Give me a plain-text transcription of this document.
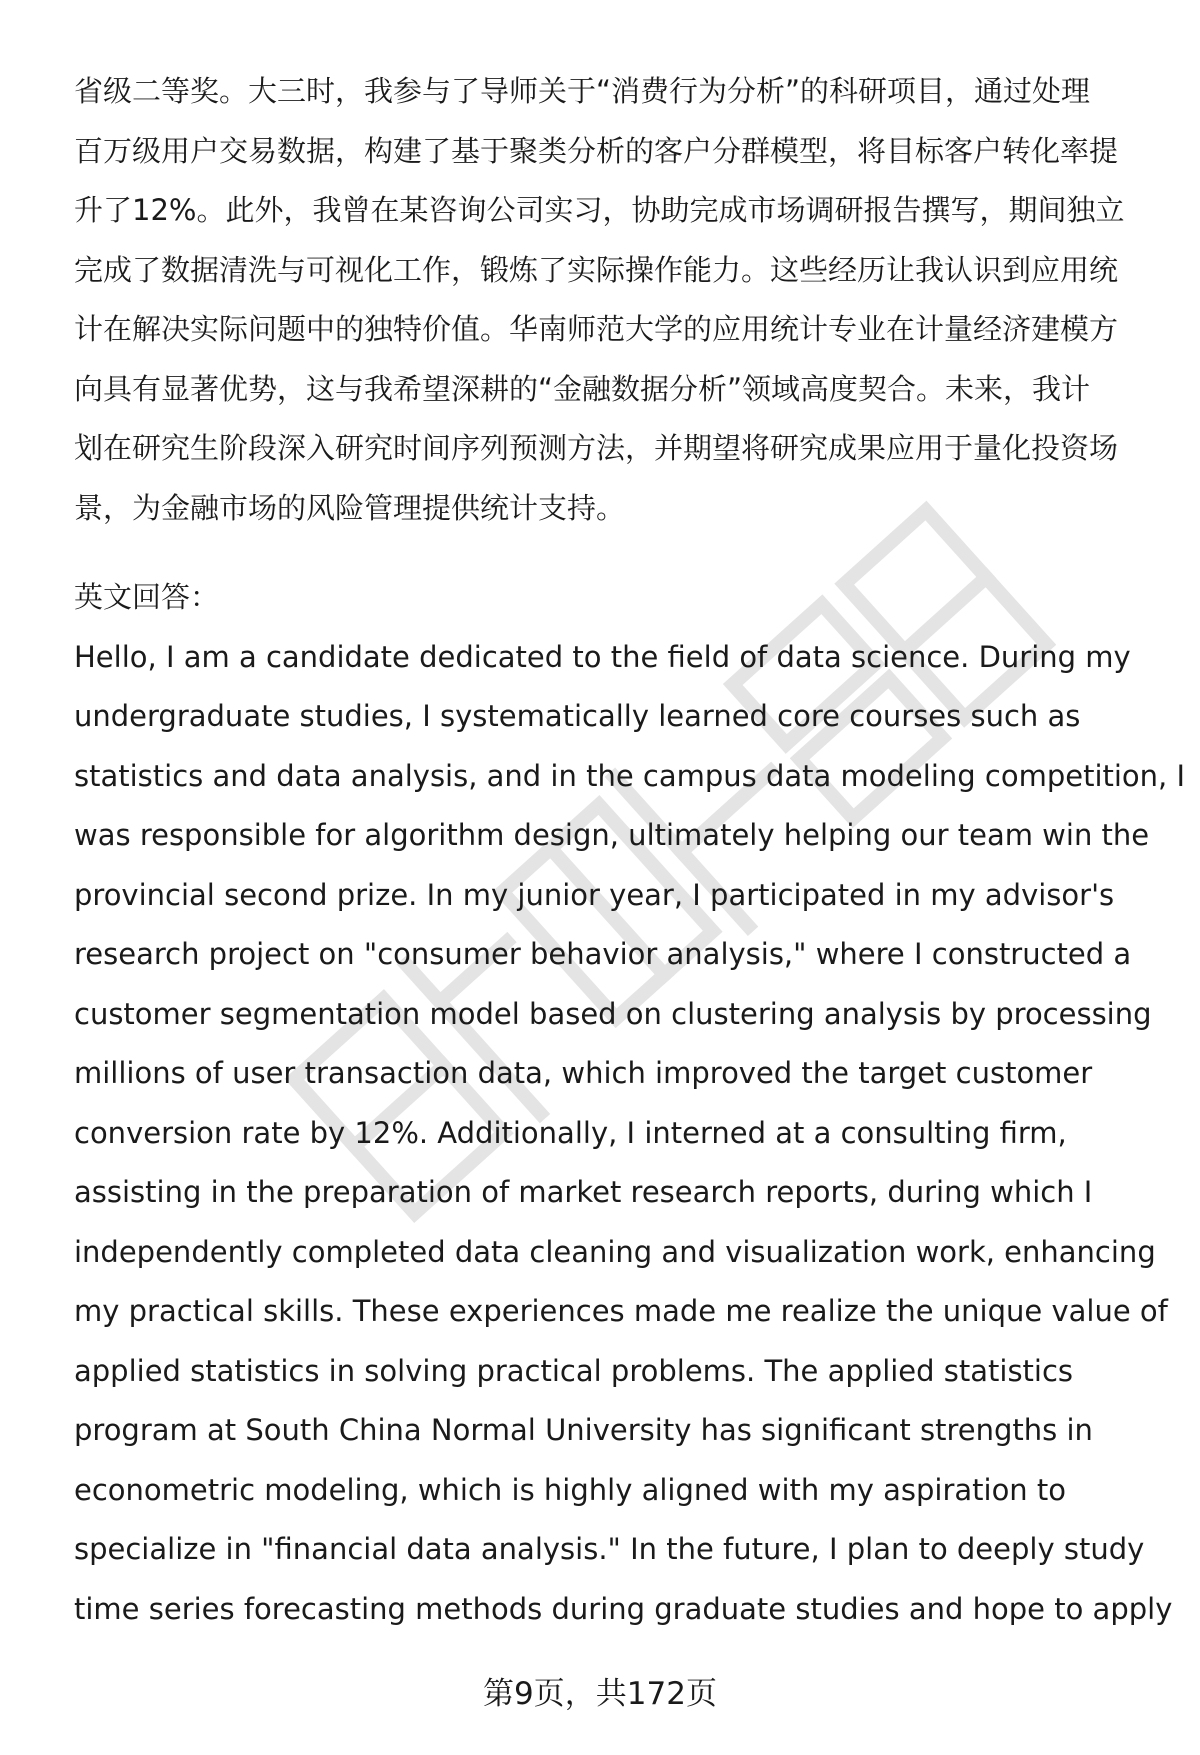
省级二等奖。大三时，我参与了导师关于“消费行为分析”的科研项目，通过处理
百万级用户交易数据，构建了基于聚类分析的客户分群模型，将目标客户转化率提
升了12%。此外，我曾在某咨询公司实习，协助完成市场调研报告撰写，期间独立
完成了数据清洗与可视化工作，锻炼了实际操作能力。这些经历让我认识到应用统
计在解决实际问题中的独特价值。华南师范大学的应用统计专业在计量经济建模方
向具有显著优势，这与我希望深耕的“金融数据分析”领域高度契合。未来，我计
划在研究生阶段深入研究时间序列预测方法，并期望将研究成果应用于量化投资场
景，为金融市场的风险管理提供统计支持。
英文回答：
Hello, I am a candidate dedicated to the field of data science. During my
undergraduate studies, I systematically learned core courses such as
statistics and data analysis, and in the campus data modeling competition, I
was responsible for algorithm design, ultimately helping our team win the
provincial second prize. In my junior year, I participated in my advisor's
research project on "consumer behavior analysis," where I constructed a
customer segmentation model based on clustering analysis by processing
millions of user transaction data, which improved the target customer
conversion rate by 12%. Additionally, I interned at a consulting firm,
assisting in the preparation of market research reports, during which I
independently completed data cleaning and visualization work, enhancing
my practical skills. These experiences made me realize the unique value of
applied statistics in solving practical problems. The applied statistics
program at South China Normal University has significant strengths in
econometric modeling, which is highly aligned with my aspiration to
specialize in "financial data analysis." In the future, I plan to deeply study
time series forecasting methods during graduate studies and hope to apply
第9页，共172页
